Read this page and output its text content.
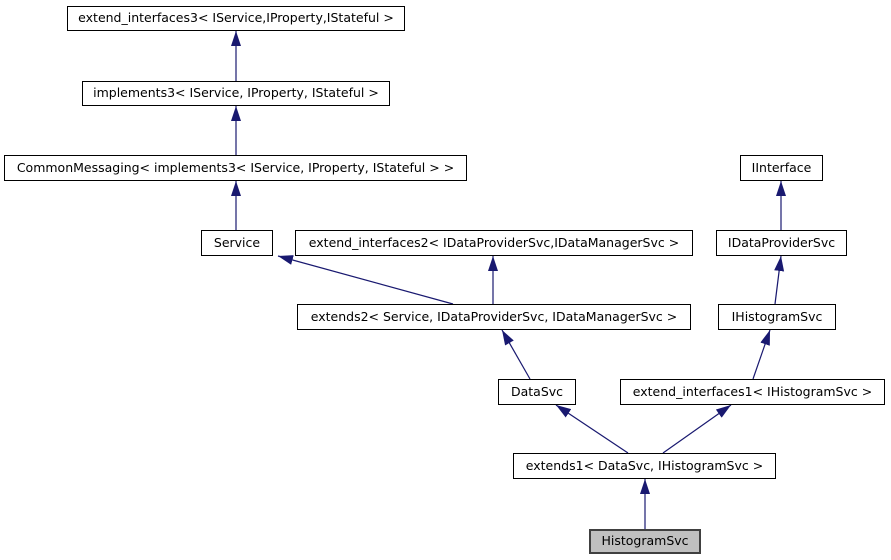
extend_interfaces3< IService,IProperty,IStateful >
implements3< IService, IProperty, IStateful >
CommonMessaging< implements3< IService, IProperty, IStateful > >
Service	extend_interfaces2< IDataProviderSvc,IDataManagerSvc >
extends2< Service, IDataProviderSvc, IDataManagerSvc >
IInterface
IDataProviderSvc
IHistogramSvc
DataSvc	extend_interfaces1< IHistogramSvc >
extends1< DataSvc, IHistogramSvc >
HistogramSvc
